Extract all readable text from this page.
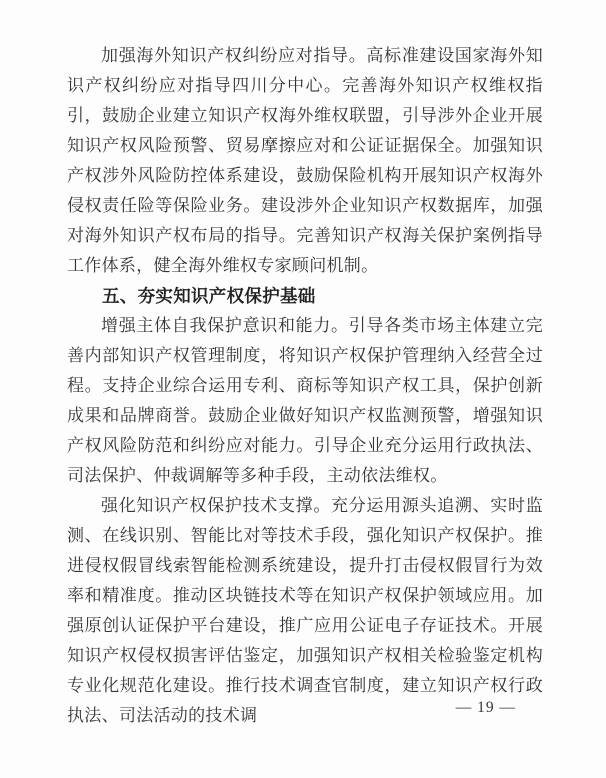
加强海外知识产权纠纷应对指导。高标准建设国家海外知识产权纠纷应对指导四川分中心。完善海外知识产权维权指引，鼓励企业建立知识产权海外维权联盟，引导涉外企业开展知识产权风险预警、贸易摩擦应对和公证证据保全。加强知识产权涉外风险防控体系建设，鼓励保险机构开展知识产权海外侵权责任险等保险业务。建设涉外企业知识产权数据库，加强对海外知识产权布局的指导。完善知识产权海关保护案例指导工作体系，健全海外维权专家顾问机制。

五、夯实知识产权保护基础

增强主体自我保护意识和能力。引导各类市场主体建立完善内部知识产权管理制度，将知识产权保护管理纳入经营全过程。支持企业综合运用专利、商标等知识产权工具，保护创新成果和品牌商誉。鼓励企业做好知识产权监测预警，增强知识产权风险防范和纠纷应对能力。引导企业充分运用行政执法、司法保护、仲裁调解等多种手段，主动依法维权。

强化知识产权保护技术支撑。充分运用源头追溯、实时监测、在线识别、智能比对等技术手段，强化知识产权保护。推进侵权假冒线索智能检测系统建设，提升打击侵权假冒行为效率和精准度。推动区块链技术等在知识产权保护领域应用。加强原创认证保护平台建设，推广应用公证电子存证技术。开展知识产权侵权损害评估鉴定，加强知识产权相关检验鉴定机构专业化规范化建设。推行技术调查官制度，建立知识产权行政执法、司法活动的技术调	— 19 —
